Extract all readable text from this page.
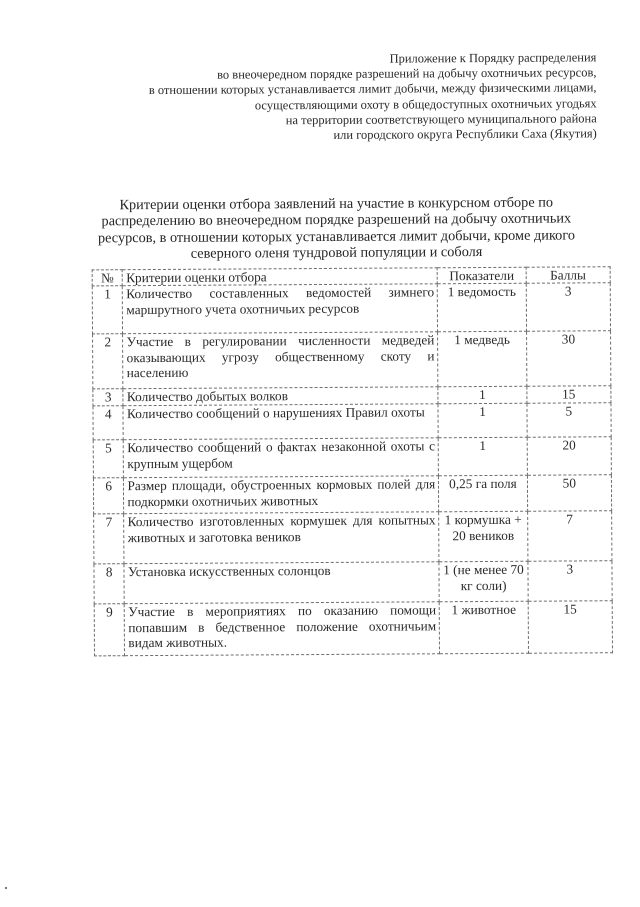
Приложение к Порядку распределения
во внеочередном порядке разрешений на добычу охотничьих ресурсов,
в отношении которых устанавливается лимит добычи, между физическими лицами,
осуществляющими охоту в общедоступных охотничьих угодьях
на территории соответствующего муниципального района
или городского округа Республики Саха (Якутия)
Критерии оценки отбора заявлений на участие в конкурсном отборе по распределению во внеочередном порядке разрешений на добычу охотничьих ресурсов, в отношении которых устанавливается лимит добычи, кроме дикого северного оленя тундровой популяции и соболя
№	Критерии оценки отбора	Показатели	Баллы
1	Количество составленных ведомостей зимнего маршрутного учета охотничьих ресурсов	1 ведомость	3
2	Участие в регулировании численности медведей оказывающих угрозу общественному скоту и населению	1 медведь	30
3	Количество добытых волков	1	15
4	Количество сообщений о нарушениях Правил охоты	1	5
5	Количество сообщений о фактах незаконной охоты с крупным ущербом	1	20
6	Размер площади, обустроенных кормовых полей для подкормки охотничьих животных	0,25 га поля	50
7	Количество изготовленных кормушек для копытных животных и заготовка веников	1 кормушка + 20 веников	7
8	Установка искусственных солонцов	1 (не менее 70 кг соли)	3
9	Участие в мероприятиях по оказанию помощи попавшим в бедственное положение охотничьим видам животных.	1 животное	15
